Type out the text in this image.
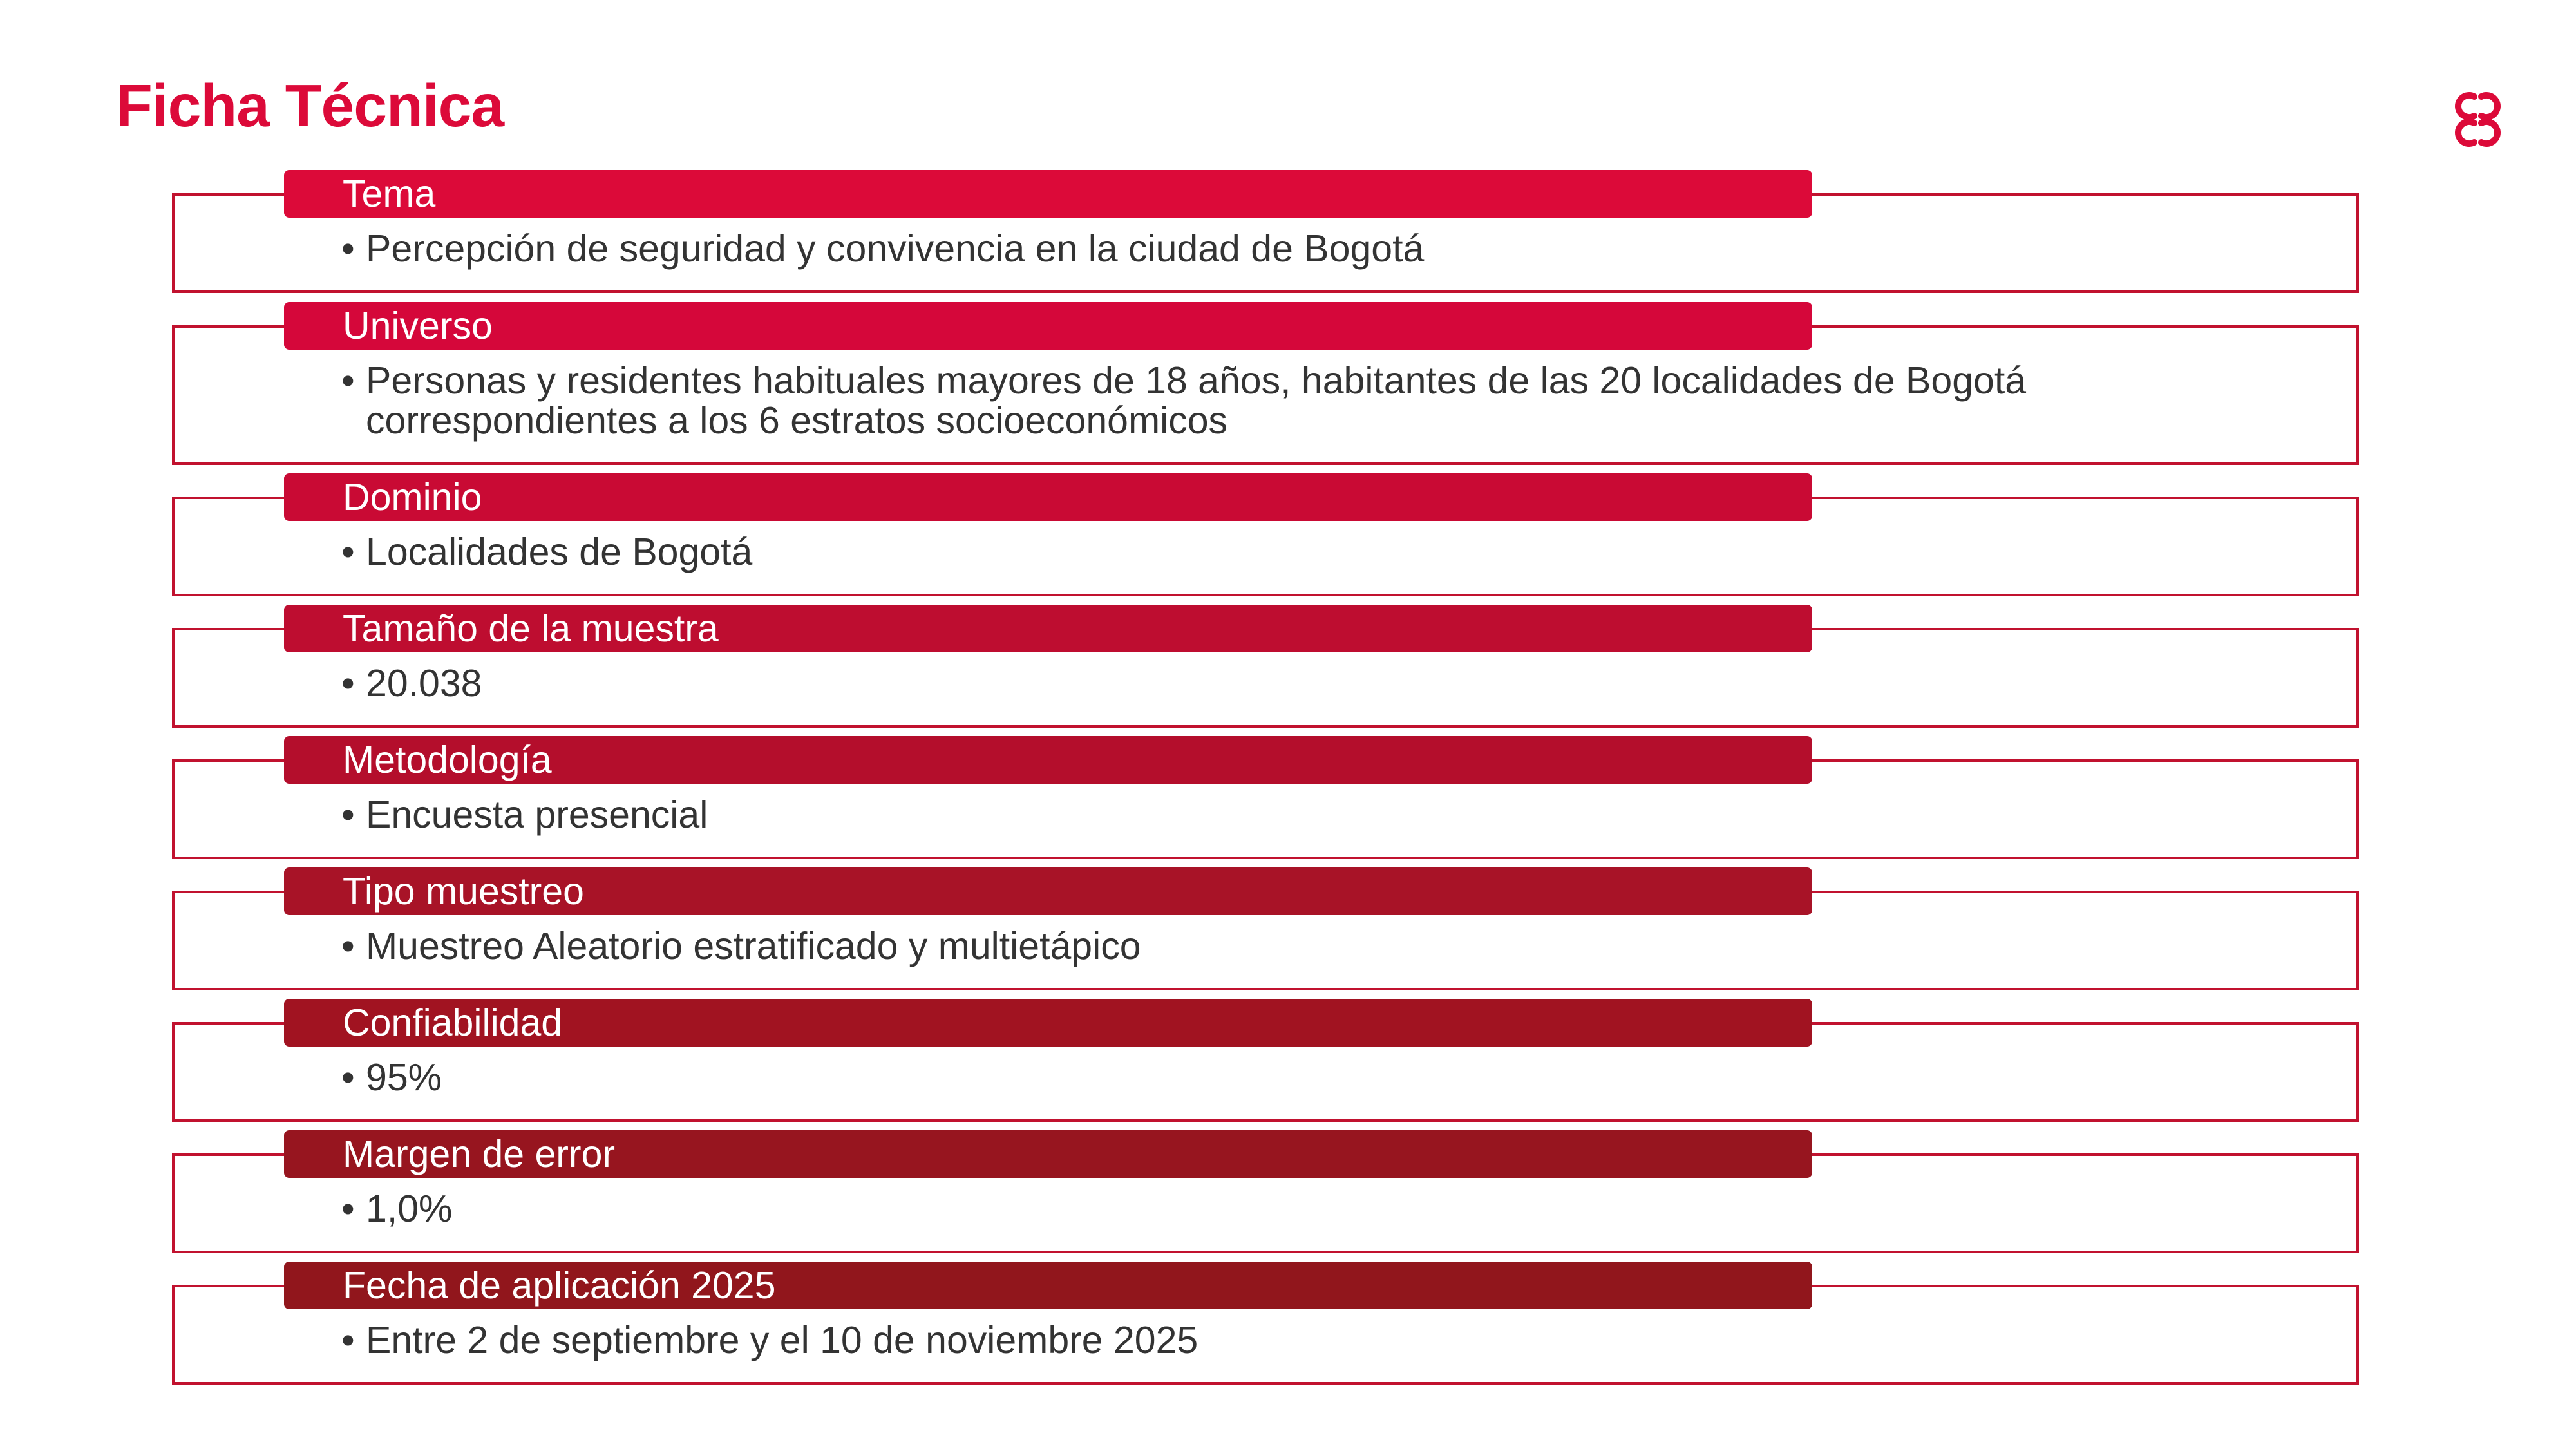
Ficha Técnica
Tema
• Percepción de seguridad y convivencia en la ciudad de Bogotá
Universo
• Personas y residentes habituales mayores de 18 años, habitantes de las 20 localidades de Bogotá
correspondientes a los 6 estratos socioeconómicos
Dominio
• Localidades de Bogotá
Tamaño de la muestra
• 20.038
Metodología
• Encuesta presencial
Tipo muestreo
• Muestreo Aleatorio estratificado y multietápico
Confiabilidad
• 95%
Margen de error
• 1,0%
Fecha de aplicación 2025
• Entre 2 de septiembre y el 10 de noviembre 2025
